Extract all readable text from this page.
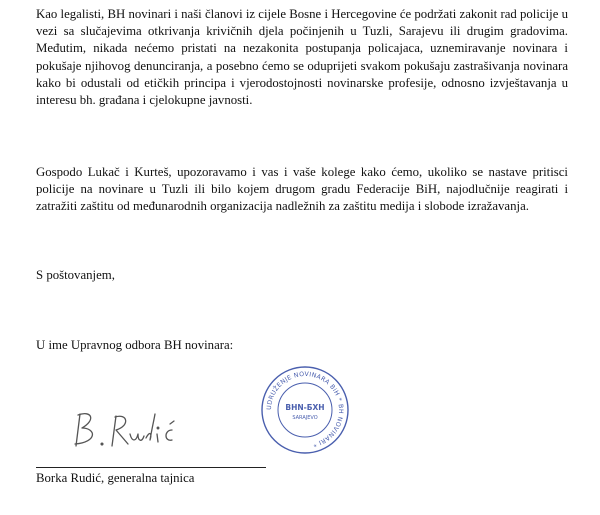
Kao legalisti, BH novinari i naši članovi iz cijele Bosne i Hercegovine će podržati zakonit rad policije u vezi sa slučajevima otkrivanja krivičnih djela počinjenih u Tuzli, Sarajevu ili drugim gradovima. Međutim, nikada nećemo pristati na nezakonita postupanja policajaca, uznemiravanje novinara i pokušaje njihovog denunciranja, a posebno ćemo se oduprijeti svakom pokušaju zastrašivanja novinara kako bi odustali od etičkih principa i vjerodostojnosti novinarske profesije, odnosno izvještavanja u interesu bh. građana i cjelokupne javnosti.

Gospodo Lukač i Kurteš, upozoravamo i vas i vaše kolege kako ćemo, ukoliko se nastave pritisci policije na novinare u Tuzli ili bilo kojem drugom gradu Federacije BiH, najodlučnije reagirati i zatražiti zaštitu od međunarodnih organizacija nadležnih za zaštitu medija i slobode izražavanja.

S poštovanjem,

U ime Upravnog odbora BH novinara:

UDRUŽENJE NOVINARA BiH * BH NOVINARI *
BHN-БХН
SARAJEVO

Borka Rudić, generalna tajnica
